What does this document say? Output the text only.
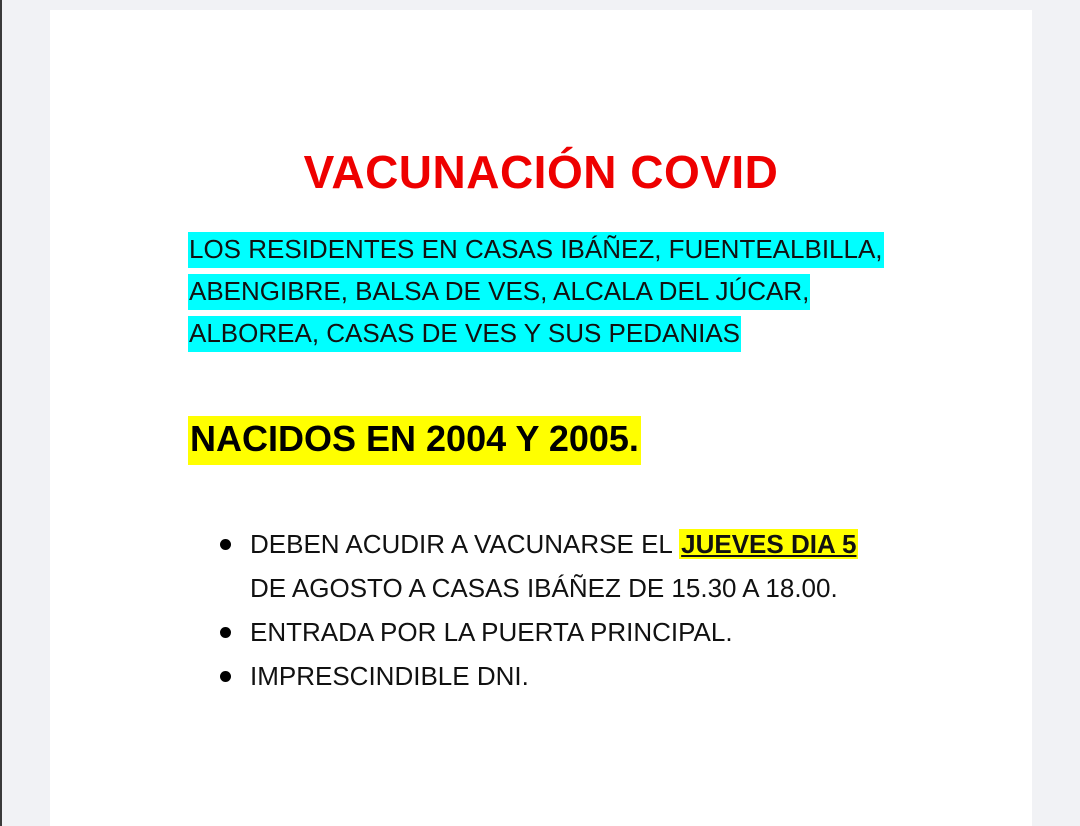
VACUNACIÓN COVID
LOS RESIDENTES EN CASAS IBÁÑEZ, FUENTEALBILLA,
ABENGIBRE, BALSA DE VES, ALCALA DEL JÚCAR,
ALBOREA, CASAS DE VES Y SUS PEDANIAS
NACIDOS EN 2004 Y 2005.
DEBEN ACUDIR A VACUNARSE EL JUEVES DIA 5
DE AGOSTO A CASAS IBÁÑEZ DE 15.30 A 18.00.
ENTRADA POR LA PUERTA PRINCIPAL.
IMPRESCINDIBLE DNI.
